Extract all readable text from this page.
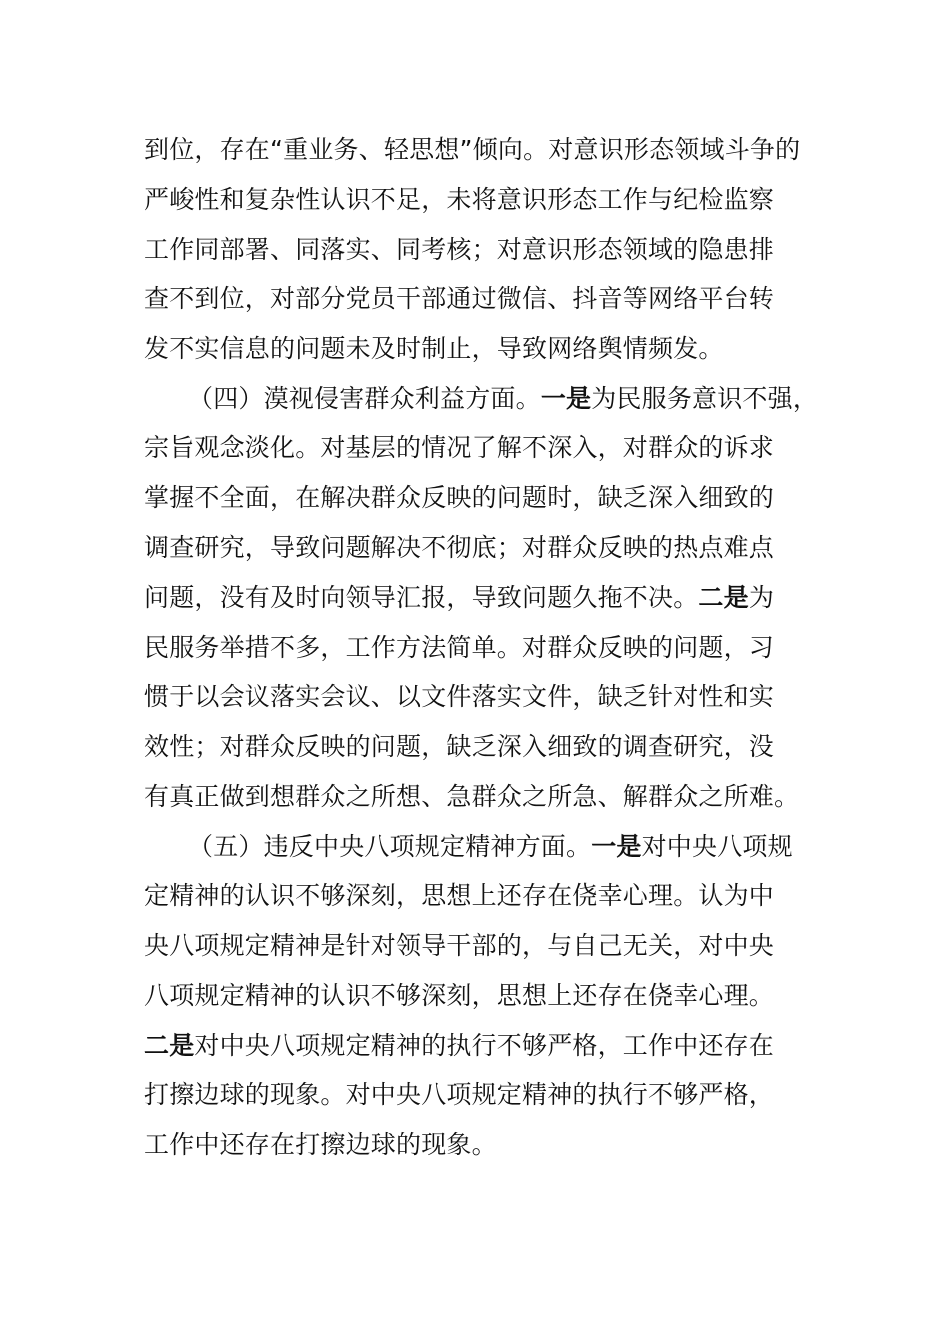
到位，存在“重业务、轻思想”倾向。对意识形态领域斗争的
严峻性和复杂性认识不足，未将意识形态工作与纪检监察
工作同部署、同落实、同考核；对意识形态领域的隐患排
查不到位，对部分党员干部通过微信、抖音等网络平台转
发不实信息的问题未及时制止，导致网络舆情频发。
（四）漠视侵害群众利益方面。一是为民服务意识不强，
宗旨观念淡化。对基层的情况了解不深入，对群众的诉求
掌握不全面，在解决群众反映的问题时，缺乏深入细致的
调查研究，导致问题解决不彻底；对群众反映的热点难点
问题，没有及时向领导汇报，导致问题久拖不决。二是为
民服务举措不多，工作方法简单。对群众反映的问题，习
惯于以会议落实会议、以文件落实文件，缺乏针对性和实
效性；对群众反映的问题，缺乏深入细致的调查研究，没
有真正做到想群众之所想、急群众之所急、解群众之所难。
（五）违反中央八项规定精神方面。一是对中央八项规
定精神的认识不够深刻，思想上还存在侥幸心理。认为中
央八项规定精神是针对领导干部的，与自己无关，对中央
八项规定精神的认识不够深刻，思想上还存在侥幸心理。
二是对中央八项规定精神的执行不够严格，工作中还存在
打擦边球的现象。对中央八项规定精神的执行不够严格，
工作中还存在打擦边球的现象。
